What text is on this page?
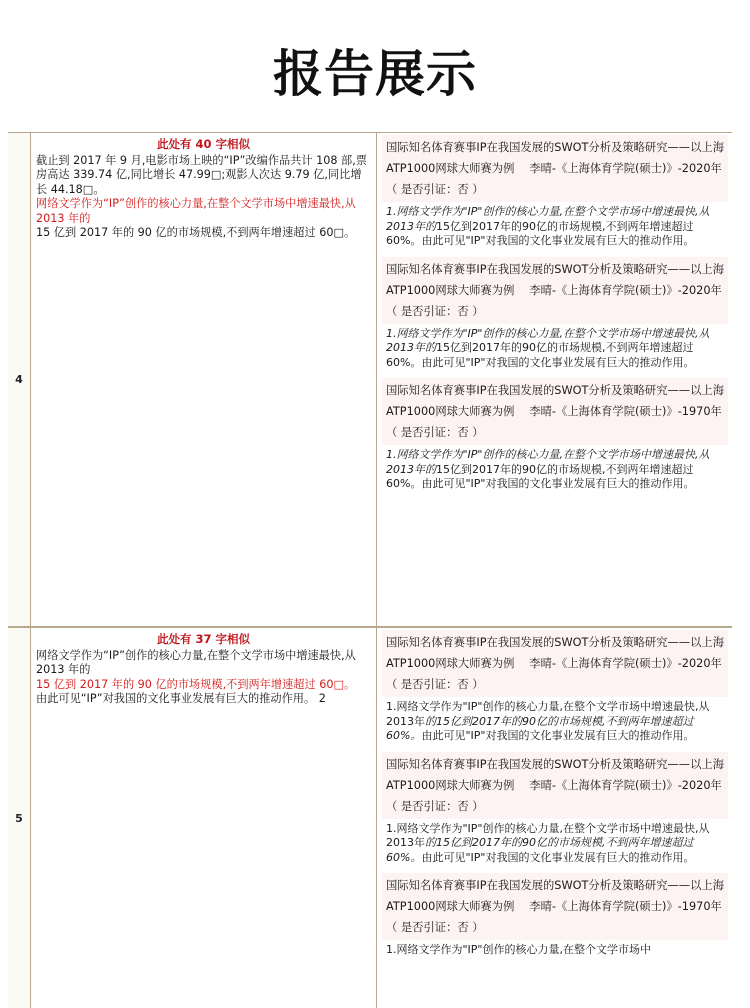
报告展示
4
此处有 40 字相似
截止到 2017 年 9 月,电影市场上映的“IP”改编作品共计 108 部,票房高达 339.74 亿,同比增长 47.99□;观影人次达 9.79 亿,同比增长 44.18□。
网络文学作为“IP”创作的核心力量,在整个文学市场中增速最快,从 2013 年的
15 亿到 2017 年的 90 亿的市场规模,不到两年增速超过 60□。
国际知名体育赛事IP在我国发展的SWOT分析及策略研究——以上海ATP1000网球大师赛为例　 李晴-《上海体育学院(硕士)》-2020年 （ 是否引证：否 ）
1.网络文学作为"IP"创作的核心力量,在整个文学市场中增速最快,从2013年的15亿到2017年的90亿的市场规模,不到两年增速超过60%。由此可见"IP"对我国的文化事业发展有巨大的推动作用。
国际知名体育赛事IP在我国发展的SWOT分析及策略研究——以上海ATP1000网球大师赛为例　 李晴-《上海体育学院(硕士)》-2020年 （ 是否引证：否 ）
1.网络文学作为"IP"创作的核心力量,在整个文学市场中增速最快,从2013年的15亿到2017年的90亿的市场规模,不到两年增速超过60%。由此可见"IP"对我国的文化事业发展有巨大的推动作用。
国际知名体育赛事IP在我国发展的SWOT分析及策略研究——以上海ATP1000网球大师赛为例　 李晴-《上海体育学院(硕士)》-1970年 （ 是否引证：否 ）
1.网络文学作为"IP"创作的核心力量,在整个文学市场中增速最快,从2013年的15亿到2017年的90亿的市场规模,不到两年增速超过60%。由此可见"IP"对我国的文化事业发展有巨大的推动作用。
5
此处有 37 字相似
网络文学作为“IP”创作的核心力量,在整个文学市场中增速最快,从 2013 年的
15 亿到 2017 年的 90 亿的市场规模,不到两年增速超过 60□。
由此可见“IP”对我国的文化事业发展有巨大的推动作用。 2
国际知名体育赛事IP在我国发展的SWOT分析及策略研究——以上海ATP1000网球大师赛为例　 李晴-《上海体育学院(硕士)》-2020年 （ 是否引证：否 ）
1.网络文学作为"IP"创作的核心力量,在整个文学市场中增速最快,从2013年的15亿到2017年的90亿的市场规模,不到两年增速超过60%。由此可见"IP"对我国的文化事业发展有巨大的推动作用。
国际知名体育赛事IP在我国发展的SWOT分析及策略研究——以上海ATP1000网球大师赛为例　 李晴-《上海体育学院(硕士)》-2020年 （ 是否引证：否 ）
1.网络文学作为"IP"创作的核心力量,在整个文学市场中增速最快,从2013年的15亿到2017年的90亿的市场规模,不到两年增速超过60%。由此可见"IP"对我国的文化事业发展有巨大的推动作用。
国际知名体育赛事IP在我国发展的SWOT分析及策略研究——以上海ATP1000网球大师赛为例　 李晴-《上海体育学院(硕士)》-1970年 （ 是否引证：否 ）
1.网络文学作为"IP"创作的核心力量,在整个文学市场中
